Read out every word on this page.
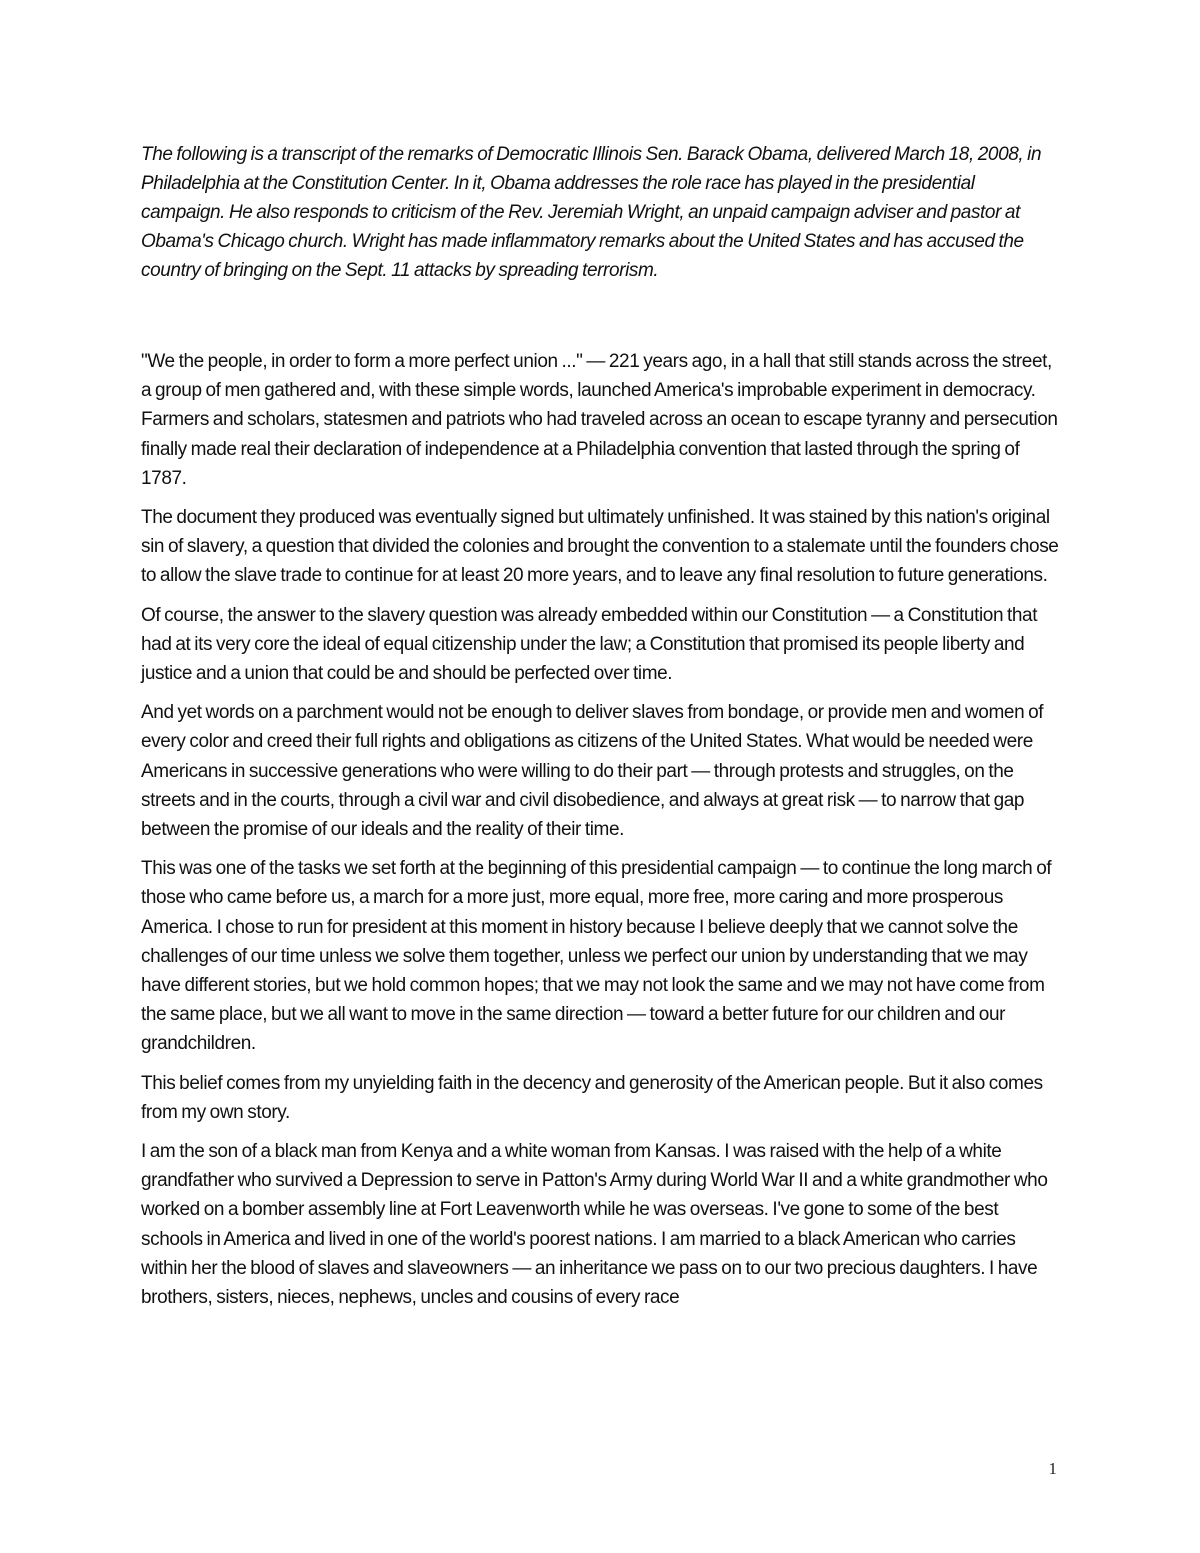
The following is a transcript of the remarks of Democratic Illinois Sen. Barack Obama, delivered March 18, 2008, in Philadelphia at the Constitution Center. In it, Obama addresses the role race has played in the presidential campaign. He also responds to criticism of the Rev. Jeremiah Wright, an unpaid campaign adviser and pastor at Obama's Chicago church. Wright has made inflammatory remarks about the United States and has accused the country of bringing on the Sept. 11 attacks by spreading terrorism.

"We the people, in order to form a more perfect union ..." — 221 years ago, in a hall that still stands across the street, a group of men gathered and, with these simple words, launched America's improbable experiment in democracy. Farmers and scholars, statesmen and patriots who had traveled across an ocean to escape tyranny and persecution finally made real their declaration of independence at a Philadelphia convention that lasted through the spring of 1787.

The document they produced was eventually signed but ultimately unfinished. It was stained by this nation's original sin of slavery, a question that divided the colonies and brought the convention to a stalemate until the founders chose to allow the slave trade to continue for at least 20 more years, and to leave any final resolution to future generations.

Of course, the answer to the slavery question was already embedded within our Constitution — a Constitution that had at its very core the ideal of equal citizenship under the law; a Constitution that promised its people liberty and justice and a union that could be and should be perfected over time.

And yet words on a parchment would not be enough to deliver slaves from bondage, or provide men and women of every color and creed their full rights and obligations as citizens of the United States. What would be needed were Americans in successive generations who were willing to do their part — through protests and struggles, on the streets and in the courts, through a civil war and civil disobedience, and always at great risk — to narrow that gap between the promise of our ideals and the reality of their time.

This was one of the tasks we set forth at the beginning of this presidential campaign — to continue the long march of those who came before us, a march for a more just, more equal, more free, more caring and more prosperous America. I chose to run for president at this moment in history because I believe deeply that we cannot solve the challenges of our time unless we solve them together, unless we perfect our union by understanding that we may have different stories, but we hold common hopes; that we may not look the same and we may not have come from the same place, but we all want to move in the same direction — toward a better future for our children and our grandchildren.

This belief comes from my unyielding faith in the decency and generosity of the American people. But it also comes from my own story.

I am the son of a black man from Kenya and a white woman from Kansas. I was raised with the help of a white grandfather who survived a Depression to serve in Patton's Army during World War II and a white grandmother who worked on a bomber assembly line at Fort Leavenworth while he was overseas. I've gone to some of the best schools in America and lived in one of the world's poorest nations. I am married to a black American who carries within her the blood of slaves and slaveowners — an inheritance we pass on to our two precious daughters. I have brothers, sisters, nieces, nephews, uncles and cousins of every race

1
